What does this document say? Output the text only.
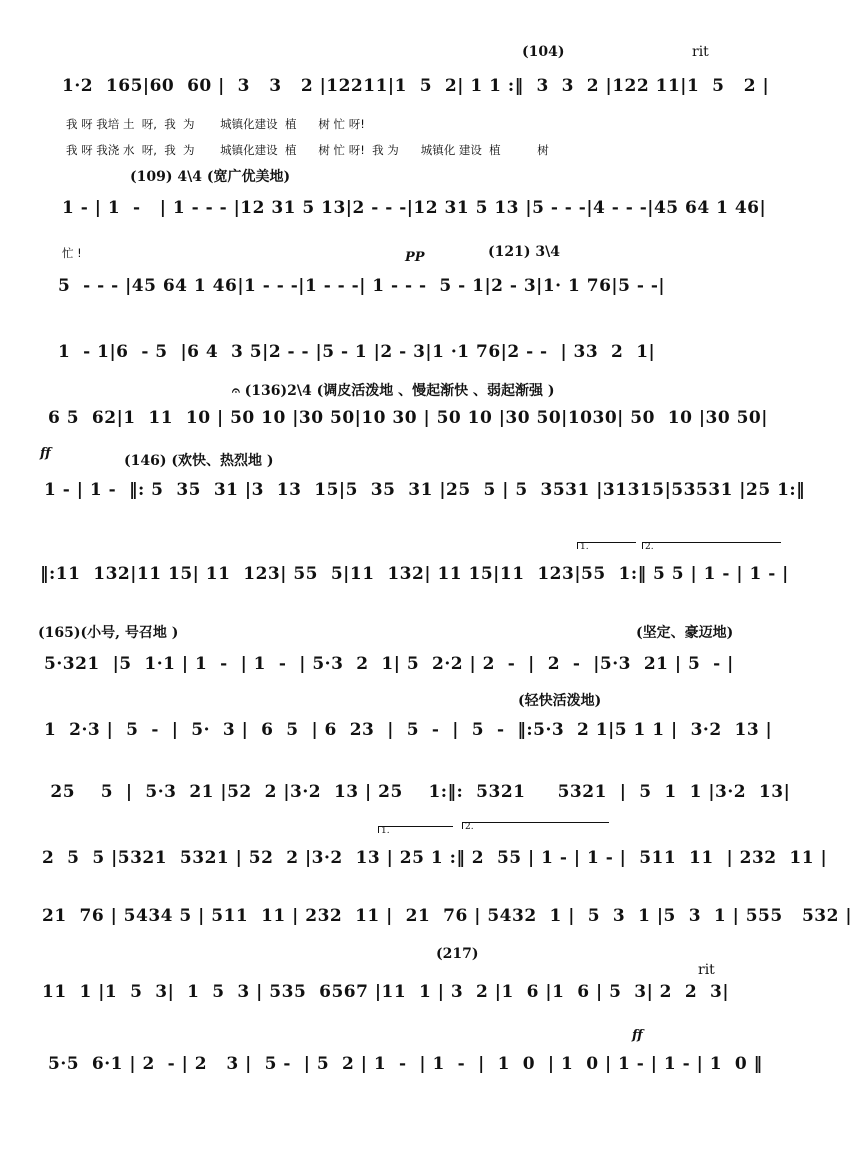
(104)	rit
1·2  165|60  60 |  3   3   2 |12211|1  5  2| 1 1 :‖  3  3  2 |122 11|1  5   2 |
我 呀 我培 土  呀,  我  为       城镇化建设  植      树 忙 呀!
我 呀 我浇 水  呀,  我  为       城镇化建设  植      树 忙 呀!  我 为      城镇化 建设  植          树
(109) 4\4 (宽广优美地)
1 - | 1  -   | 1 - - - |12 31 5 13|2 - - -|12 31 5 13 |5 - - -|4 - - -|45 64 1 46|
忙 !	PP	(121) 3\4
5  - - - |45 64 1 46|1 - - -|1 - - -| 1 - - -  5 - 1|2 - 3|1· 1 76|5 - -|
1  - 1|6  - 5  |6 4  3 5|2 - - |5 - 1 |2 - 3|1 ·1 76|2 - -  | 33  2  1|
𝄐 (136)2\4 (调皮活泼地 、慢起渐快 、弱起渐强 )
6 5  62|1  11  10 | 50 10 |30 50|10 30 | 50 10 |30 50|1030| 50  10 |30 50|
ff	(146) (欢快、热烈地 )
1 - | 1 -  ‖: 5  35  31 |3  13  15|5  35  31 |25  5 | 5  3531 |31315|53531 |25 1:‖
1.	2.
‖:11  132|11 15| 11  123| 55  5|11  132| 11 15|11  123|55  1:‖ 5 5 | 1 - | 1 - |
(165)(小号, 号召地 )	(坚定、豪迈地)
5·321  |5  1·1 | 1  -  | 1  -  | 5·3  2  1| 5  2·2 | 2  -  |  2  -  |5·3  21 | 5  - |
(轻快活泼地)
1  2·3 |  5  -  |  5·  3 |  6  5  | 6  23  |  5  -  |  5  -  ‖:5·3  2 1|5 1 1 |  3·2  13 |
25    5  |  5·3  21 |52  2 |3·2  13 | 25    1:‖:  5321     5321  |  5  1  1 |3·2  13|
1.	2.
2  5  5 |5321  5321 | 52  2 |3·2  13 | 25 1 :‖ 2  55 | 1 - | 1 - |  511  11  | 232  11 |
21  76 | 5434 5 | 511  11 | 232  11 |  21  76 | 5432  1 |  5  3  1 |5  3  1 | 555   532 |
(217)
rit
11  1 |1  5  3|  1  5  3 | 535  6567 |11  1 | 3  2 |1  6 |1  6 | 5  3| 2  2  3|
ff
5·5  6·1 | 2  - | 2   3 |  5 -  | 5  2 | 1  -  | 1  -  |  1  0  | 1  0 | 1 - | 1 - | 1  0 ‖
